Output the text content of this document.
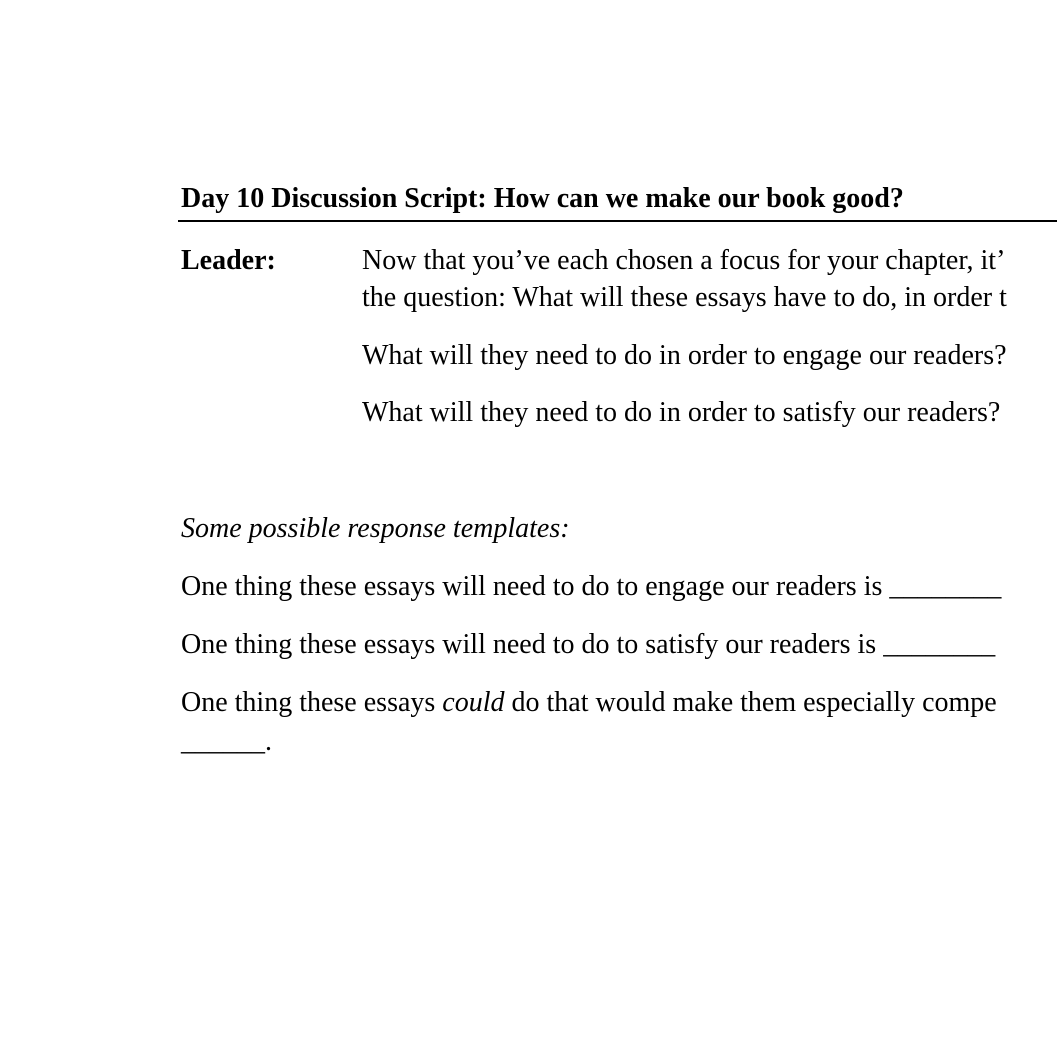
Day 10 Discussion Script: How can we make our book good?
Leader:	Now that you’ve each chosen a focus for your chapter, it’
the question: What will these essays have to do, in order t
What will they need to do in order to engage our readers?
What will they need to do in order to satisfy our readers?
Some possible response templates:
One thing these essays will need to do to engage our readers is ________
One thing these essays will need to do to satisfy our readers is ________
One thing these essays could do that would make them especially compe
______.
